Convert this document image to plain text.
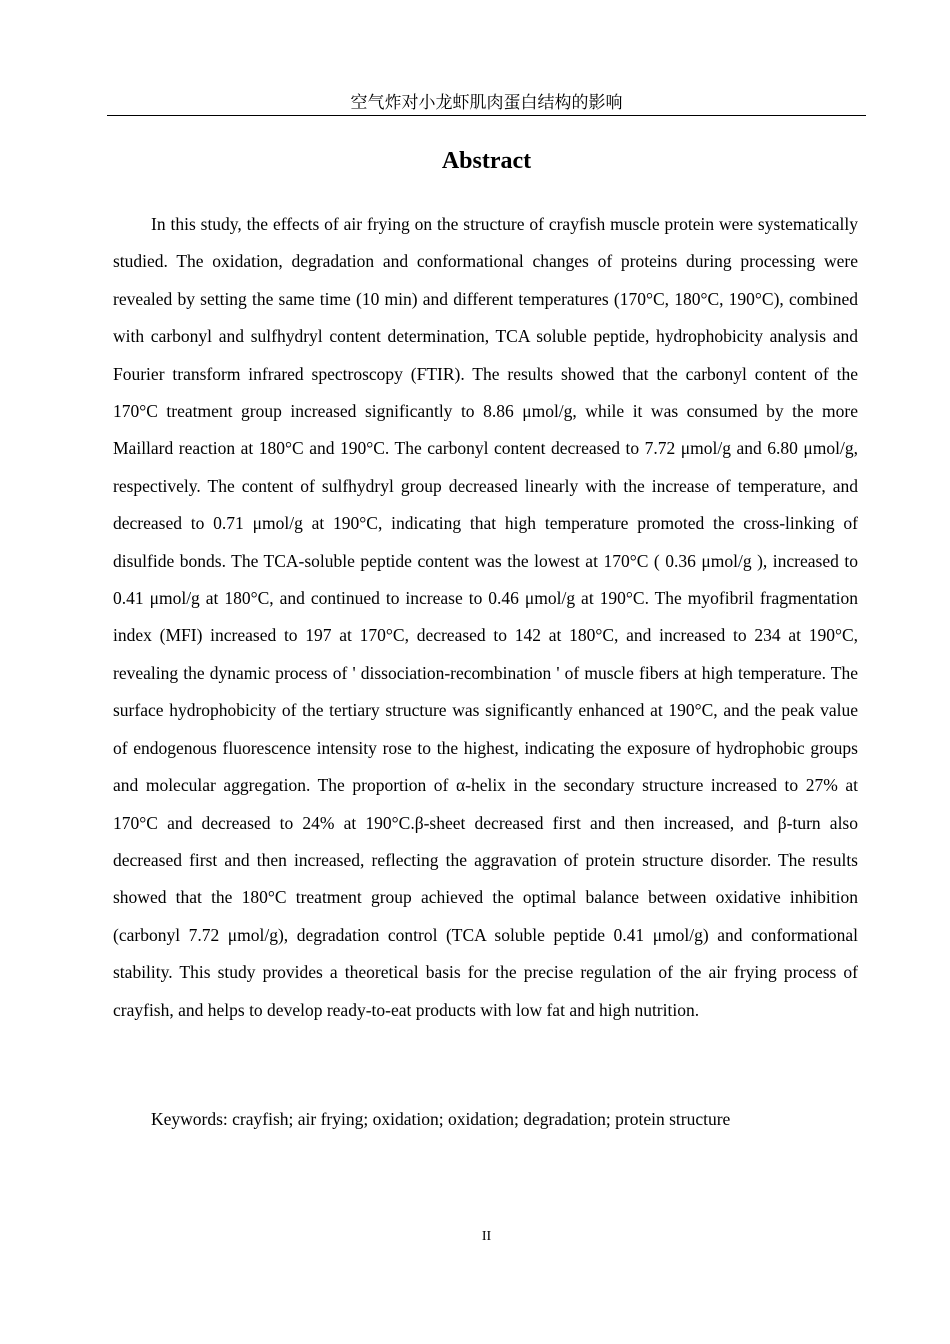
空气炸对小龙虾肌肉蛋白结构的影响
Abstract

In this study, the effects of air frying on the structure of crayfish muscle protein were systematically studied. The oxidation, degradation and conformational changes of proteins during processing were revealed by setting the same time (10 min) and different temperatures (170°C, 180°C, 190°C), combined with carbonyl and sulfhydryl content determination, TCA soluble peptide, hydrophobicity analysis and Fourier transform infrared spectroscopy (FTIR). The results showed that the carbonyl content of the 170°C treatment group increased significantly to 8.86 μmol/g, while it was consumed by the more Maillard reaction at 180°C and 190°C. The carbonyl content decreased to 7.72 μmol/g and 6.80 μmol/g, respectively. The content of sulfhydryl group decreased linearly with the increase of temperature, and decreased to 0.71 μmol/g at 190°C, indicating that high temperature promoted the cross-linking of disulfide bonds. The TCA-soluble peptide content was the lowest at 170°C ( 0.36 μmol/g ), increased to 0.41 μmol/g at 180°C, and continued to increase to 0.46 μmol/g at 190°C. The myofibril fragmentation index (MFI) increased to 197 at 170°C, decreased to 142 at 180°C, and increased to 234 at 190°C, revealing the dynamic process of ' dissociation-recombination ' of muscle fibers at high temperature. The surface hydrophobicity of the tertiary structure was significantly enhanced at 190°C, and the peak value of endogenous fluorescence intensity rose to the highest, indicating the exposure of hydrophobic groups and molecular aggregation. The proportion of α-helix in the secondary structure increased to 27% at 170°C and decreased to 24% at 190°C.β-sheet decreased first and then increased, and β-turn also decreased first and then increased, reflecting the aggravation of protein structure disorder. The results showed that the 180°C treatment group achieved the optimal balance between oxidative inhibition (carbonyl 7.72 μmol/g), degradation control (TCA soluble peptide 0.41 μmol/g) and conformational stability. This study provides a theoretical basis for the precise regulation of the air frying process of crayfish, and helps to develop ready-to-eat products with low fat and high nutrition.

Keywords: crayfish; air frying; oxidation; oxidation; degradation; protein structure

II
